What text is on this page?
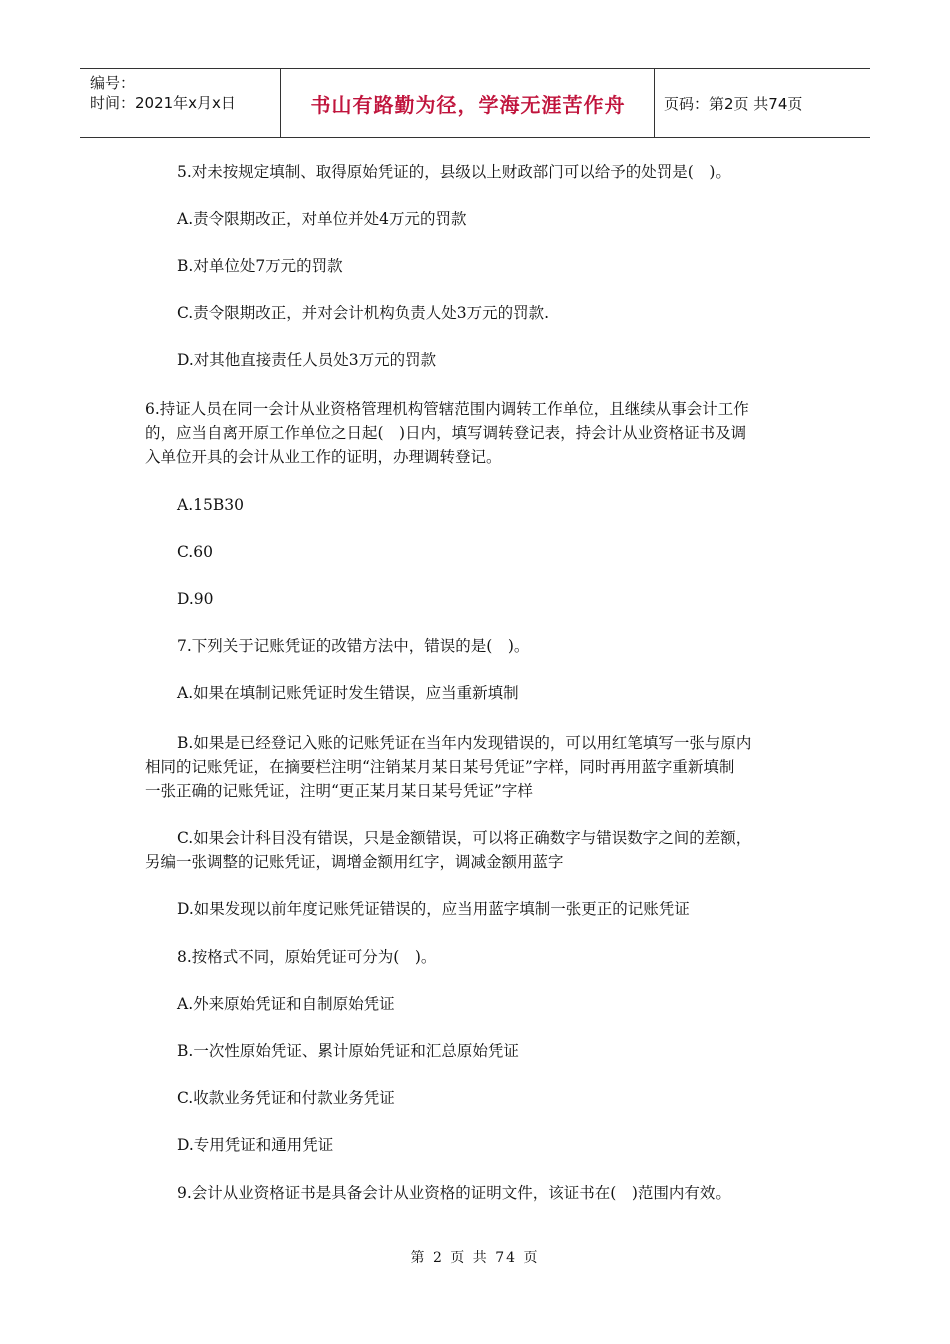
编号：
时间：2021年x月x日	书山有路勤为径，学海无涯苦作舟	页码：第2页 共74页
5.对未按规定填制、取得原始凭证的，县级以上财政部门可以给予的处罚是(　)。
A.责令限期改正，对单位并处4万元的罚款
B.对单位处7万元的罚款
C.责令限期改正，并对会计机构负责人处3万元的罚款.
D.对其他直接责任人员处3万元的罚款
6.持证人员在同一会计从业资格管理机构管辖范围内调转工作单位，且继续从事会计工作
的，应当自离开原工作单位之日起(　)日内，填写调转登记表，持会计从业资格证书及调
入单位开具的会计从业工作的证明，办理调转登记。
A.15B30
C.60
D.90
7.下列关于记账凭证的改错方法中，错误的是(　)。
A.如果在填制记账凭证时发生错误，应当重新填制
B.如果是已经登记入账的记账凭证在当年内发现错误的，可以用红笔填写一张与原内
相同的记账凭证，在摘要栏注明“注销某月某日某号凭证”字样，同时再用蓝字重新填制
一张正确的记账凭证，注明“更正某月某日某号凭证”字样
C.如果会计科目没有错误，只是金额错误，可以将正确数字与错误数字之间的差额，
另编一张调整的记账凭证，调增金额用红字，调减金额用蓝字
D.如果发现以前年度记账凭证错误的，应当用蓝字填制一张更正的记账凭证
8.按格式不同，原始凭证可分为(　)。
A.外来原始凭证和自制原始凭证
B.一次性原始凭证、累计原始凭证和汇总原始凭证
C.收款业务凭证和付款业务凭证
D.专用凭证和通用凭证
9.会计从业资格证书是具备会计从业资格的证明文件，该证书在(　)范围内有效。
第 2 页 共 74 页
